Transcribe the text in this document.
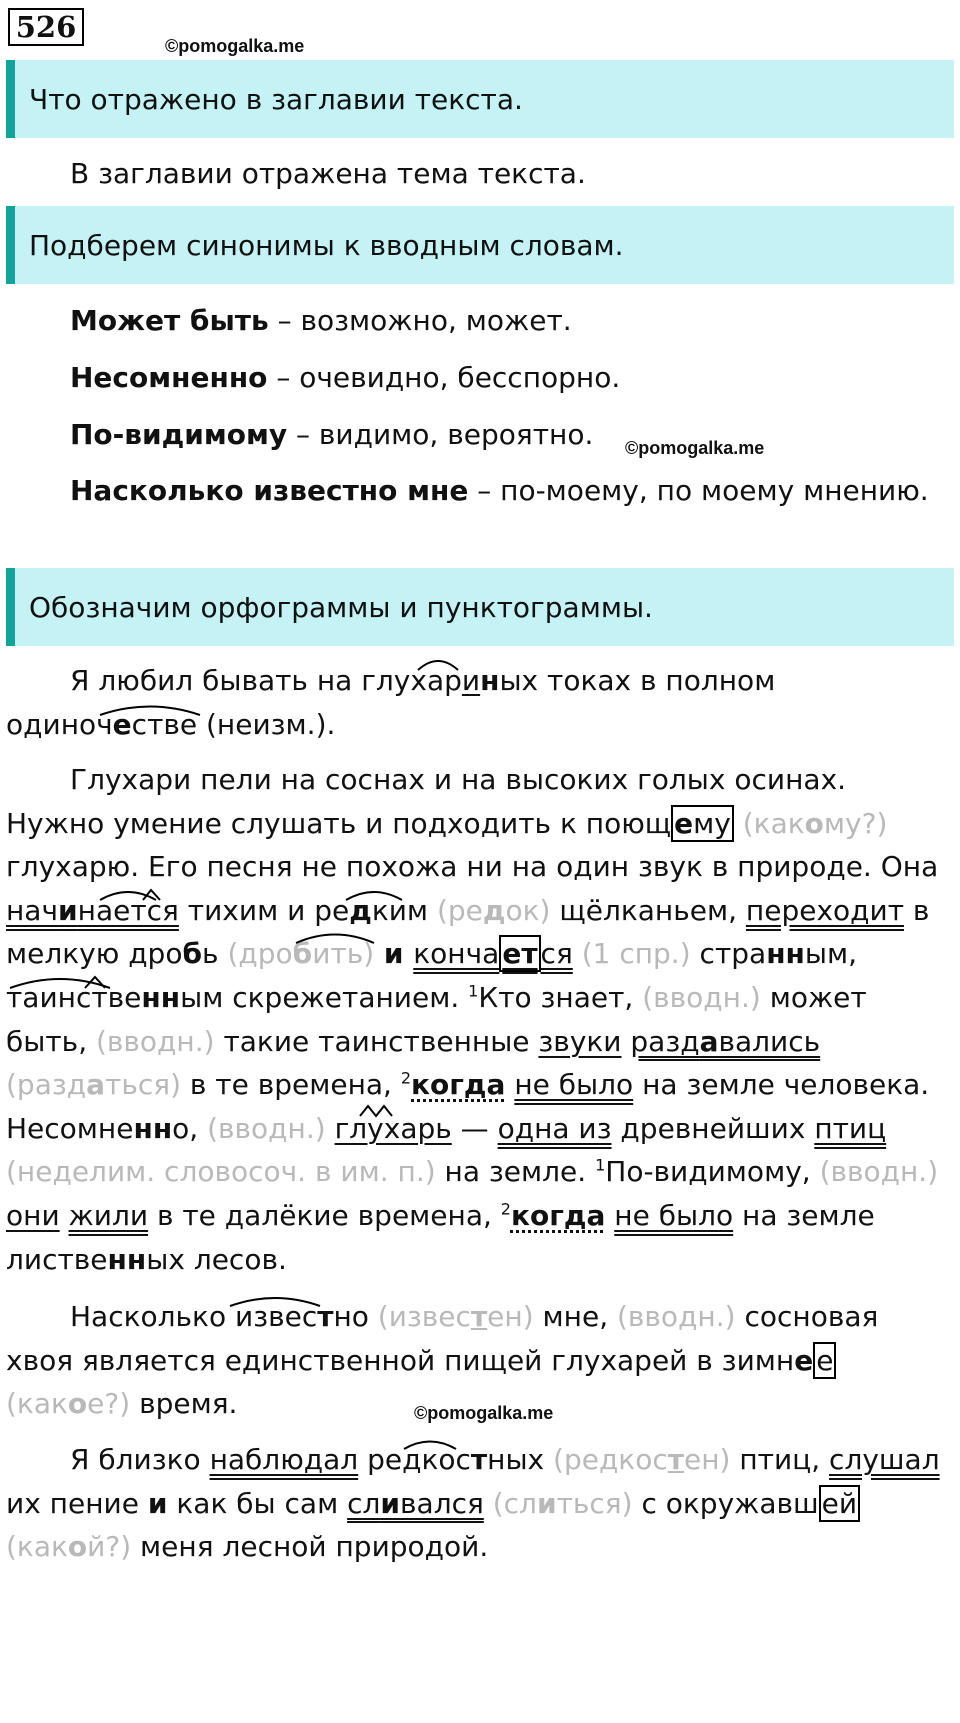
526
©pomogalka.me
Что отражено в заглавии текста.

В заглавии отражена тема текста.

Подберем синонимы к вводным словам.

Может быть – возможно, может.

Несомненно – очевидно, бесспорно.

По-видимому – видимо, вероятно.	©pomogalka.me

Насколько известно мне – по-моему, по моему мнению.

Обозначим орфограммы и пунктограммы.

Я любил бывать на глухариных токах в полном одиночестве (неизм.).

Глухари пели на соснах и на высоких голых осинах. Нужно умение слушать и подходить к поющ ему (какому?) глухарю. Его песня не похожа ни на один звук в природе. Она начинается тихим и редким (редок) щёлканьем, переходит в мелкую дробь (дробить) и конча ет ся (1 спр.) странным, таинственным скрежетанием. $^1$Кто знает, (вводн.) может быть, (вводн.) такие таинственные звуки раздавались (раздаться) в те времена, $^2$когда не было на земле человека. Несомненно, (вводн.) глухарь — одна из древнейших птиц (неделим. словосоч. в им. п.) на земле. $^1$По-видимому, (вводн.) они жили в те далёкие времена, $^2$когда не было на земле лиственных лесов.

Насколько известно (известен) мне, (вводн.) сосновая хвоя является единственной пищей глухарей в зимне е (какое?) время.	©pomogalka.me

Я близко наблюдал редкостных (редкостен) птиц, слушал их пение и как бы сам сливался (слиться) с окружавш ей (какой?) меня лесной природой.
